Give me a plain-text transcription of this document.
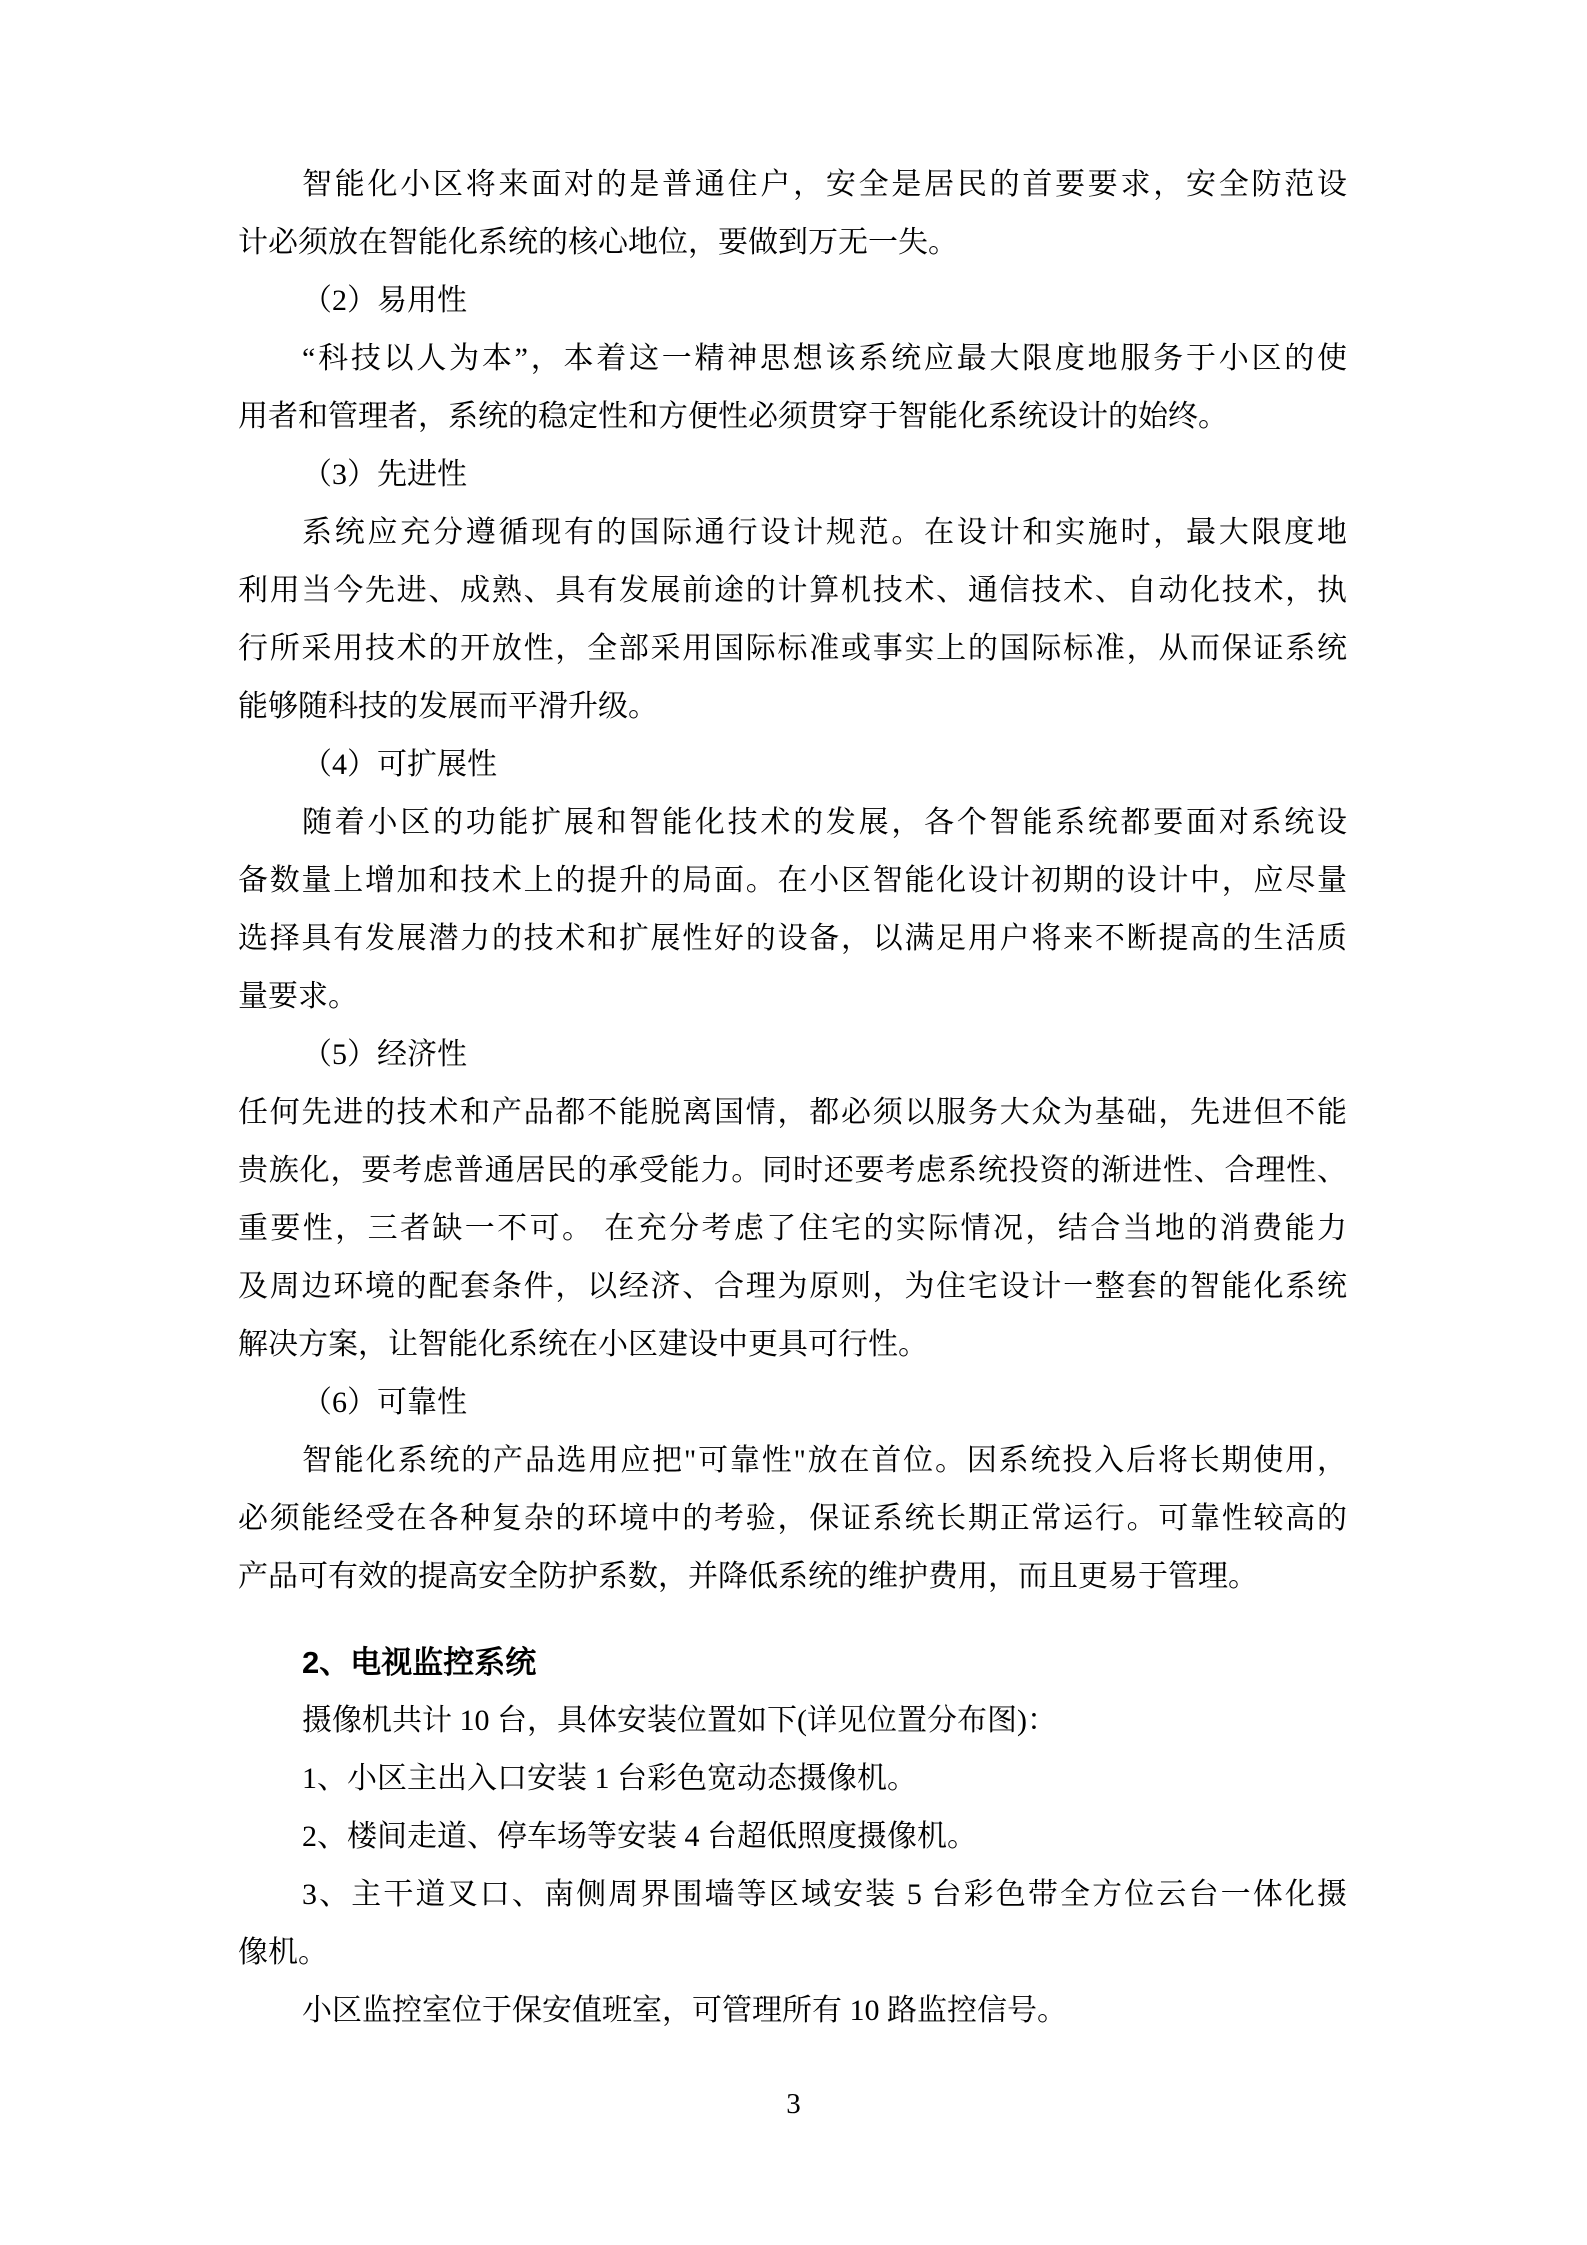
智能化小区将来面对的是普通住户，安全是居民的首要要求，安全防范设
计必须放在智能化系统的核心地位，要做到万无一失。
（2）易用性
“科技以人为本”，本着这一精神思想该系统应最大限度地服务于小区的使
用者和管理者，系统的稳定性和方便性必须贯穿于智能化系统设计的始终。
（3）先进性
系统应充分遵循现有的国际通行设计规范。在设计和实施时，最大限度地
利用当今先进、成熟、具有发展前途的计算机技术、通信技术、自动化技术，执
行所采用技术的开放性，全部采用国际标准或事实上的国际标准，从而保证系统
能够随科技的发展而平滑升级。
（4）可扩展性
随着小区的功能扩展和智能化技术的发展，各个智能系统都要面对系统设
备数量上增加和技术上的提升的局面。在小区智能化设计初期的设计中，应尽量
选择具有发展潜力的技术和扩展性好的设备，以满足用户将来不断提高的生活质
量要求。
（5）经济性
任何先进的技术和产品都不能脱离国情，都必须以服务大众为基础，先进但不能
贵族化，要考虑普通居民的承受能力。同时还要考虑系统投资的渐进性、合理性、
重要性，三者缺一不可。 在充分考虑了住宅的实际情况，结合当地的消费能力
及周边环境的配套条件，以经济、合理为原则，为住宅设计一整套的智能化系统
解决方案，让智能化系统在小区建设中更具可行性。
（6）可靠性
智能化系统的产品选用应把"可靠性"放在首位。因系统投入后将长期使用，
必须能经受在各种复杂的环境中的考验，保证系统长期正常运行。可靠性较高的
产品可有效的提高安全防护系数，并降低系统的维护费用，而且更易于管理。
2、电视监控系统
摄像机共计 10 台，具体安装位置如下(详见位置分布图)：
1、小区主出入口安装 1 台彩色宽动态摄像机。
2、楼间走道、停车场等安装 4 台超低照度摄像机。
3、主干道叉口、南侧周界围墙等区域安装 5 台彩色带全方位云台一体化摄
像机。
小区监控室位于保安值班室，可管理所有 10 路监控信号。
3
